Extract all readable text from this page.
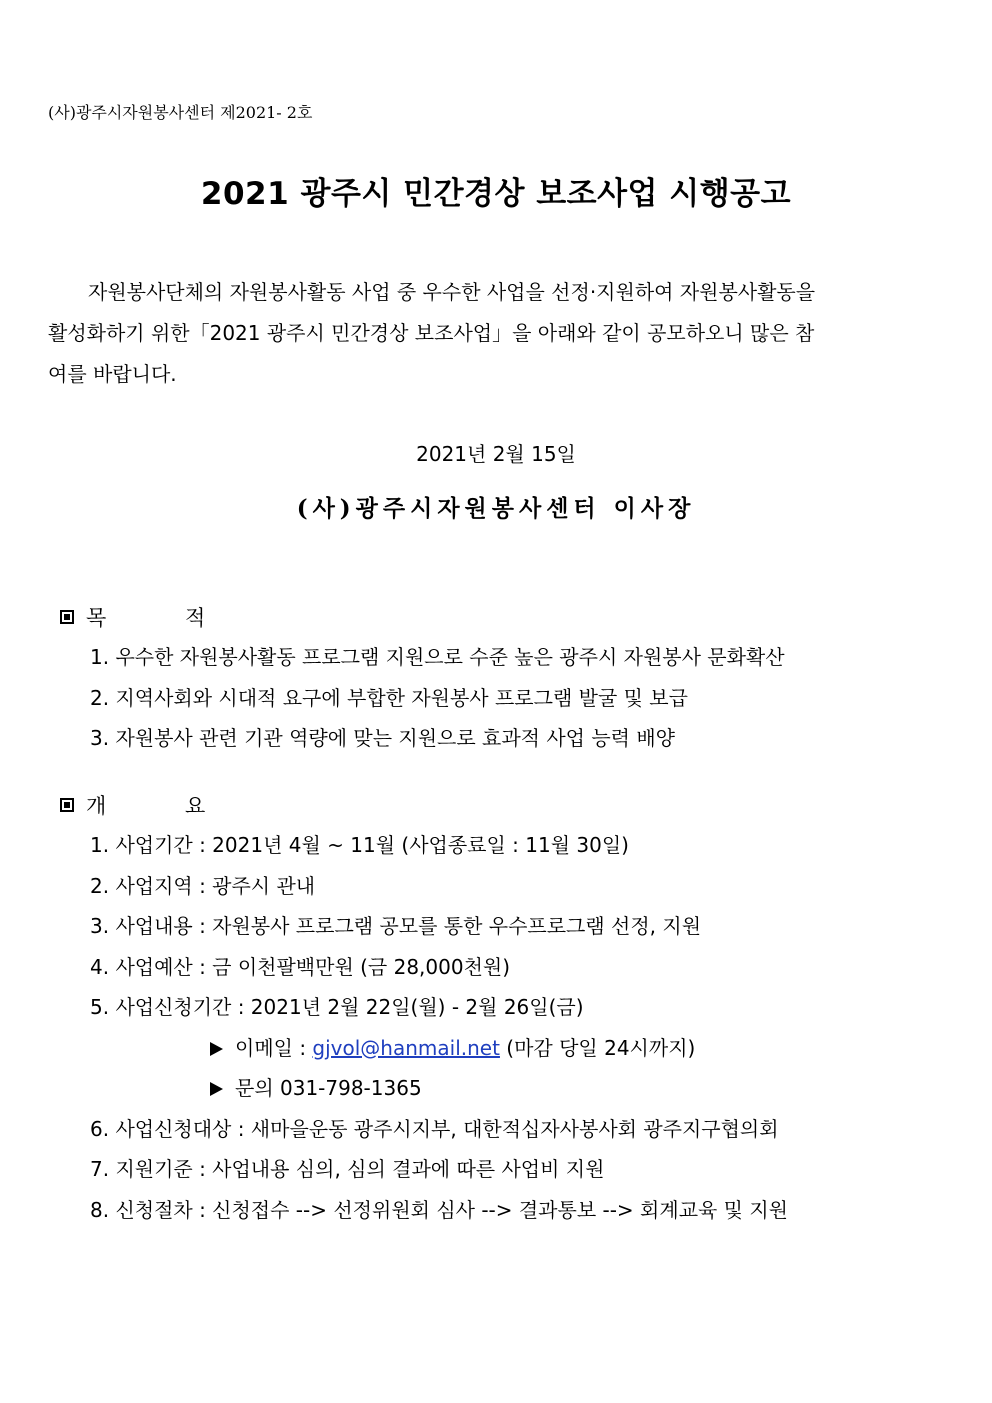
(사)광주시자원봉사센터 제2021- 2호
2021 광주시 민간경상 보조사업 시행공고
자원봉사단체의 자원봉사활동 사업 중 우수한 사업을 선정·지원하여 자원봉사활동을
활성화하기 위한「2021 광주시 민간경상 보조사업」을 아래와 같이 공모하오니 많은 참
여를 바랍니다.
2021년 2월 15일
(사)광주시자원봉사센터 이사장
목 적
1. 우수한 자원봉사활동 프로그램 지원으로 수준 높은 광주시 자원봉사 문화확산
2. 지역사회와 시대적 요구에 부합한 자원봉사 프로그램 발굴 및 보급
3. 자원봉사 관련 기관 역량에 맞는 지원으로 효과적 사업 능력 배양
개 요
1. 사업기간 : 2021년 4월 ~ 11월 (사업종료일 : 11월 30일)
2. 사업지역 : 광주시 관내
3. 사업내용 : 자원봉사 프로그램 공모를 통한 우수프로그램 선정, 지원
4. 사업예산 : 금 이천팔백만원 (금 28,000천원)
5. 사업신청기간 : 2021년 2월 22일(월) - 2월 26일(금)
이메일 : gjvol@hanmail.net (마감 당일 24시까지)
문의 031-798-1365
6. 사업신청대상 : 새마을운동 광주시지부, 대한적십자사봉사회 광주지구협의회
7. 지원기준 : 사업내용 심의, 심의 결과에 따른 사업비 지원
8. 신청절차 : 신청접수 --> 선정위원회 심사 --> 결과통보 --> 회계교육 및 지원
